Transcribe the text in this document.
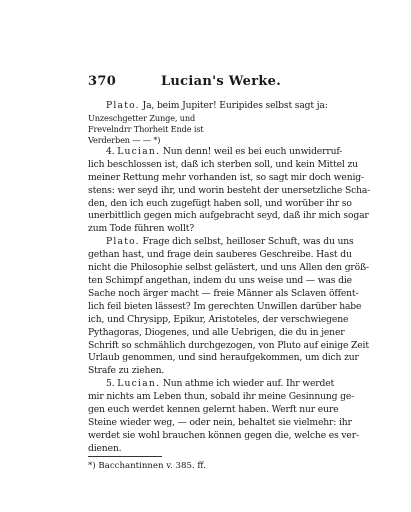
370	Lucian's Werke.
Plato. Ja, beim Jupiter! Euripides selbst sagt ja:
Unzeschgetter Zunge, und
Frevelndrr Thorheit Ende ist
Verderben — — *)
4. Lucian. Nun denn! weil es bei euch unwiderruf-
lich beschlossen ist, daß ich sterben soll, und kein Mittel zu
meiner Rettung mehr vorhanden ist, so sagt mir doch wenig-
stens: wer seyd ihr, und worin besteht der unersetzliche Scha-
den, den ich euch zugefügt haben soll, und worüber ihr so
unerbittlich gegen mich aufgebracht seyd, daß ihr mich sogar
zum Tode führen wollt?
Plato. Frage dich selbst, heilloser Schuft, was du uns
gethan hast, und frage dein sauberes Geschreibe. Hast du
nicht die Philosophie selbst gelästert, und uns Allen den größ-
ten Schimpf angethan, indem du uns weise und — was die
Sache noch ärger macht — freie Männer als Sclaven öffent-
lich feil bieten lässest? Im gerechten Unwillen darüber habe
ich, und Chrysipp, Epikur, Aristoteles, der verschwiegene
Pythagoras, Diogenes, und alle Uebrigen, die du in jener
Schrift so schmählich durchgezogen, von Pluto auf einige Zeit
Urlaub genommen, und sind heraufgekommen, um dich zur
Strafe zu ziehen.
5. Lucian. Nun athme ich wieder auf. Ihr werdet
mir nichts am Leben thun, sobald ihr meine Gesinnung ge-
gen euch werdet kennen gelernt haben. Werft nur eure
Steine wieder weg, — oder nein, behaltet sie vielmehr: ihr
werdet sie wohl brauchen können gegen die, welche es ver-
dienen.
*) Bacchantinnen v. 385. ff.
